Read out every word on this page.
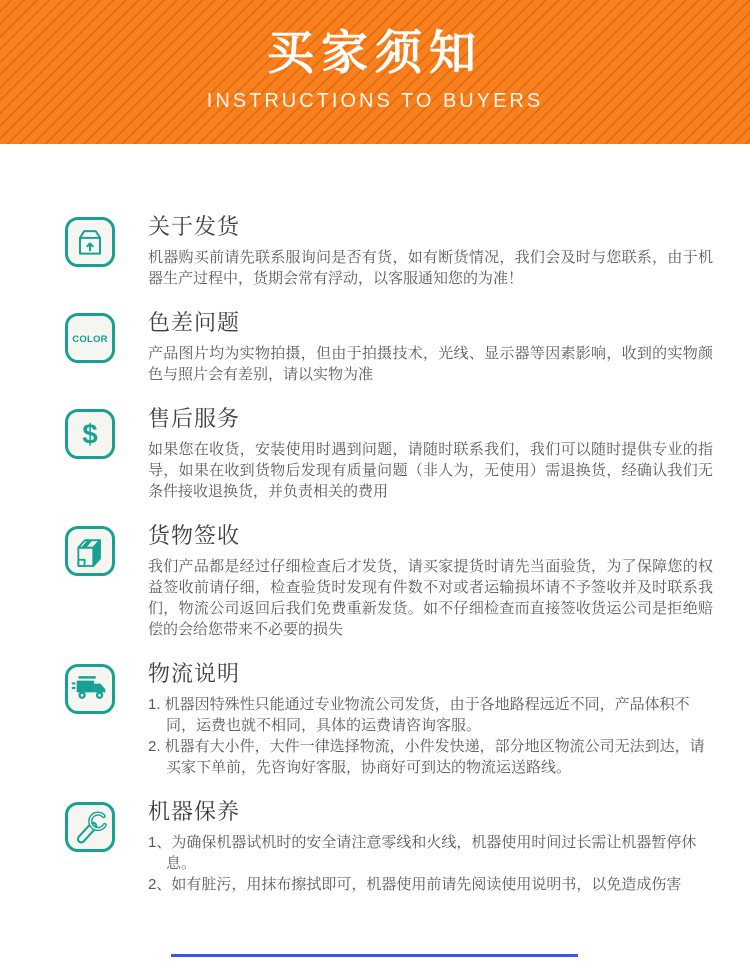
买家须知
INSTRUCTIONS TO BUYERS
关于发货

机器购买前请先联系服询问是否有货，如有断货情况，我们会及时与您联系，由于机器生产过程中，货期会常有浮动，以客服通知您的为准！

COLOR
色差问题

产品图片均为实物拍摄，但由于拍摄技术，光线、显示器等因素影响，收到的实物颜色与照片会有差别，请以实物为准

$
售后服务

如果您在收货，安装使用时遇到问题，请随时联系我们，我们可以随时提供专业的指导，如果在收到货物后发现有质量问题（非人为，无使用）需退换货，经确认我们无条件接收退换货，并负责相关的费用

货物签收

我们产品都是经过仔细检查后才发货，请买家提货时请先当面验货，为了保障您的权益签收前请仔细，检查验货时发现有件数不对或者运输损坏请不予签收并及时联系我们，物流公司返回后我们免费重新发货。如不仔细检查而直接签收货运公司是拒绝赔偿的会给您带来不必要的损失

物流说明

1. 机器因特殊性只能通过专业物流公司发货，由于各地路程远近不同，产品体积不同，运费也就不相同，具体的运费请咨询客服。

2. 机器有大小件，大件一律选择物流，小件发快递，部分地区物流公司无法到达，请买家下单前，先咨询好客服，协商好可到达的物流运送路线。

机器保养

1、为确保机器试机时的安全请注意零线和火线，机器使用时间过长需让机器暂停休息。

2、如有脏污，用抹布擦拭即可，机器使用前请先阅读使用说明书，以免造成伤害
